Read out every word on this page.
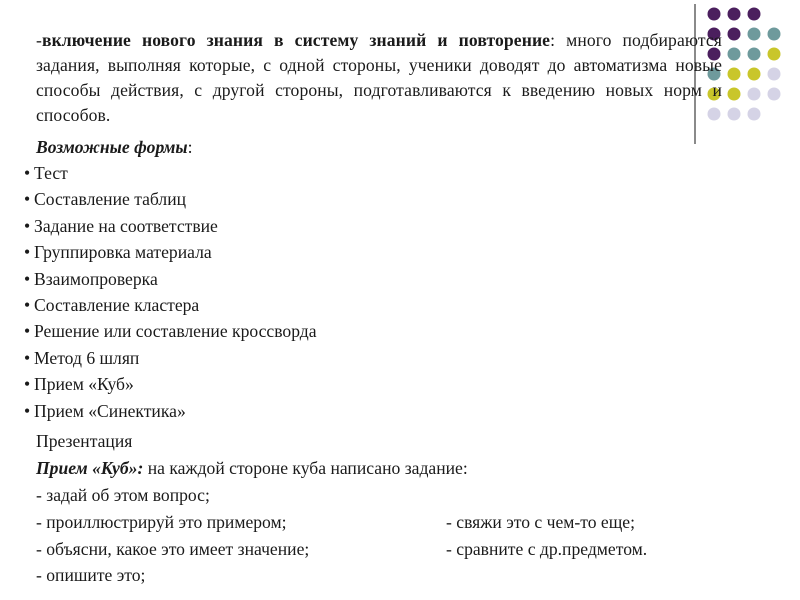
-включение нового знания в систему знаний и повторение: много подбираются задания, выполняя которые, с одной стороны, ученики доводят до автоматизма новые способы действия, с другой стороны, подготавливаются к введению новых норм и способов.
Возможные формы:
• Тест
• Составление таблиц
• Задание на соответствие
• Группировка материала
• Взаимопроверка
• Составление кластера
• Решение или составление кроссворда
• Метод 6 шляп
• Прием «Куб»
• Прием «Синектика»
Презентация
Прием «Куб»: на каждой стороне куба написано задание:
- задай об этом вопрос;
- проиллюстрируй это примером;
- объясни, какое это имеет значение;
- опишите это;
- свяжи это с чем-то еще;
- сравните с др.предметом.
